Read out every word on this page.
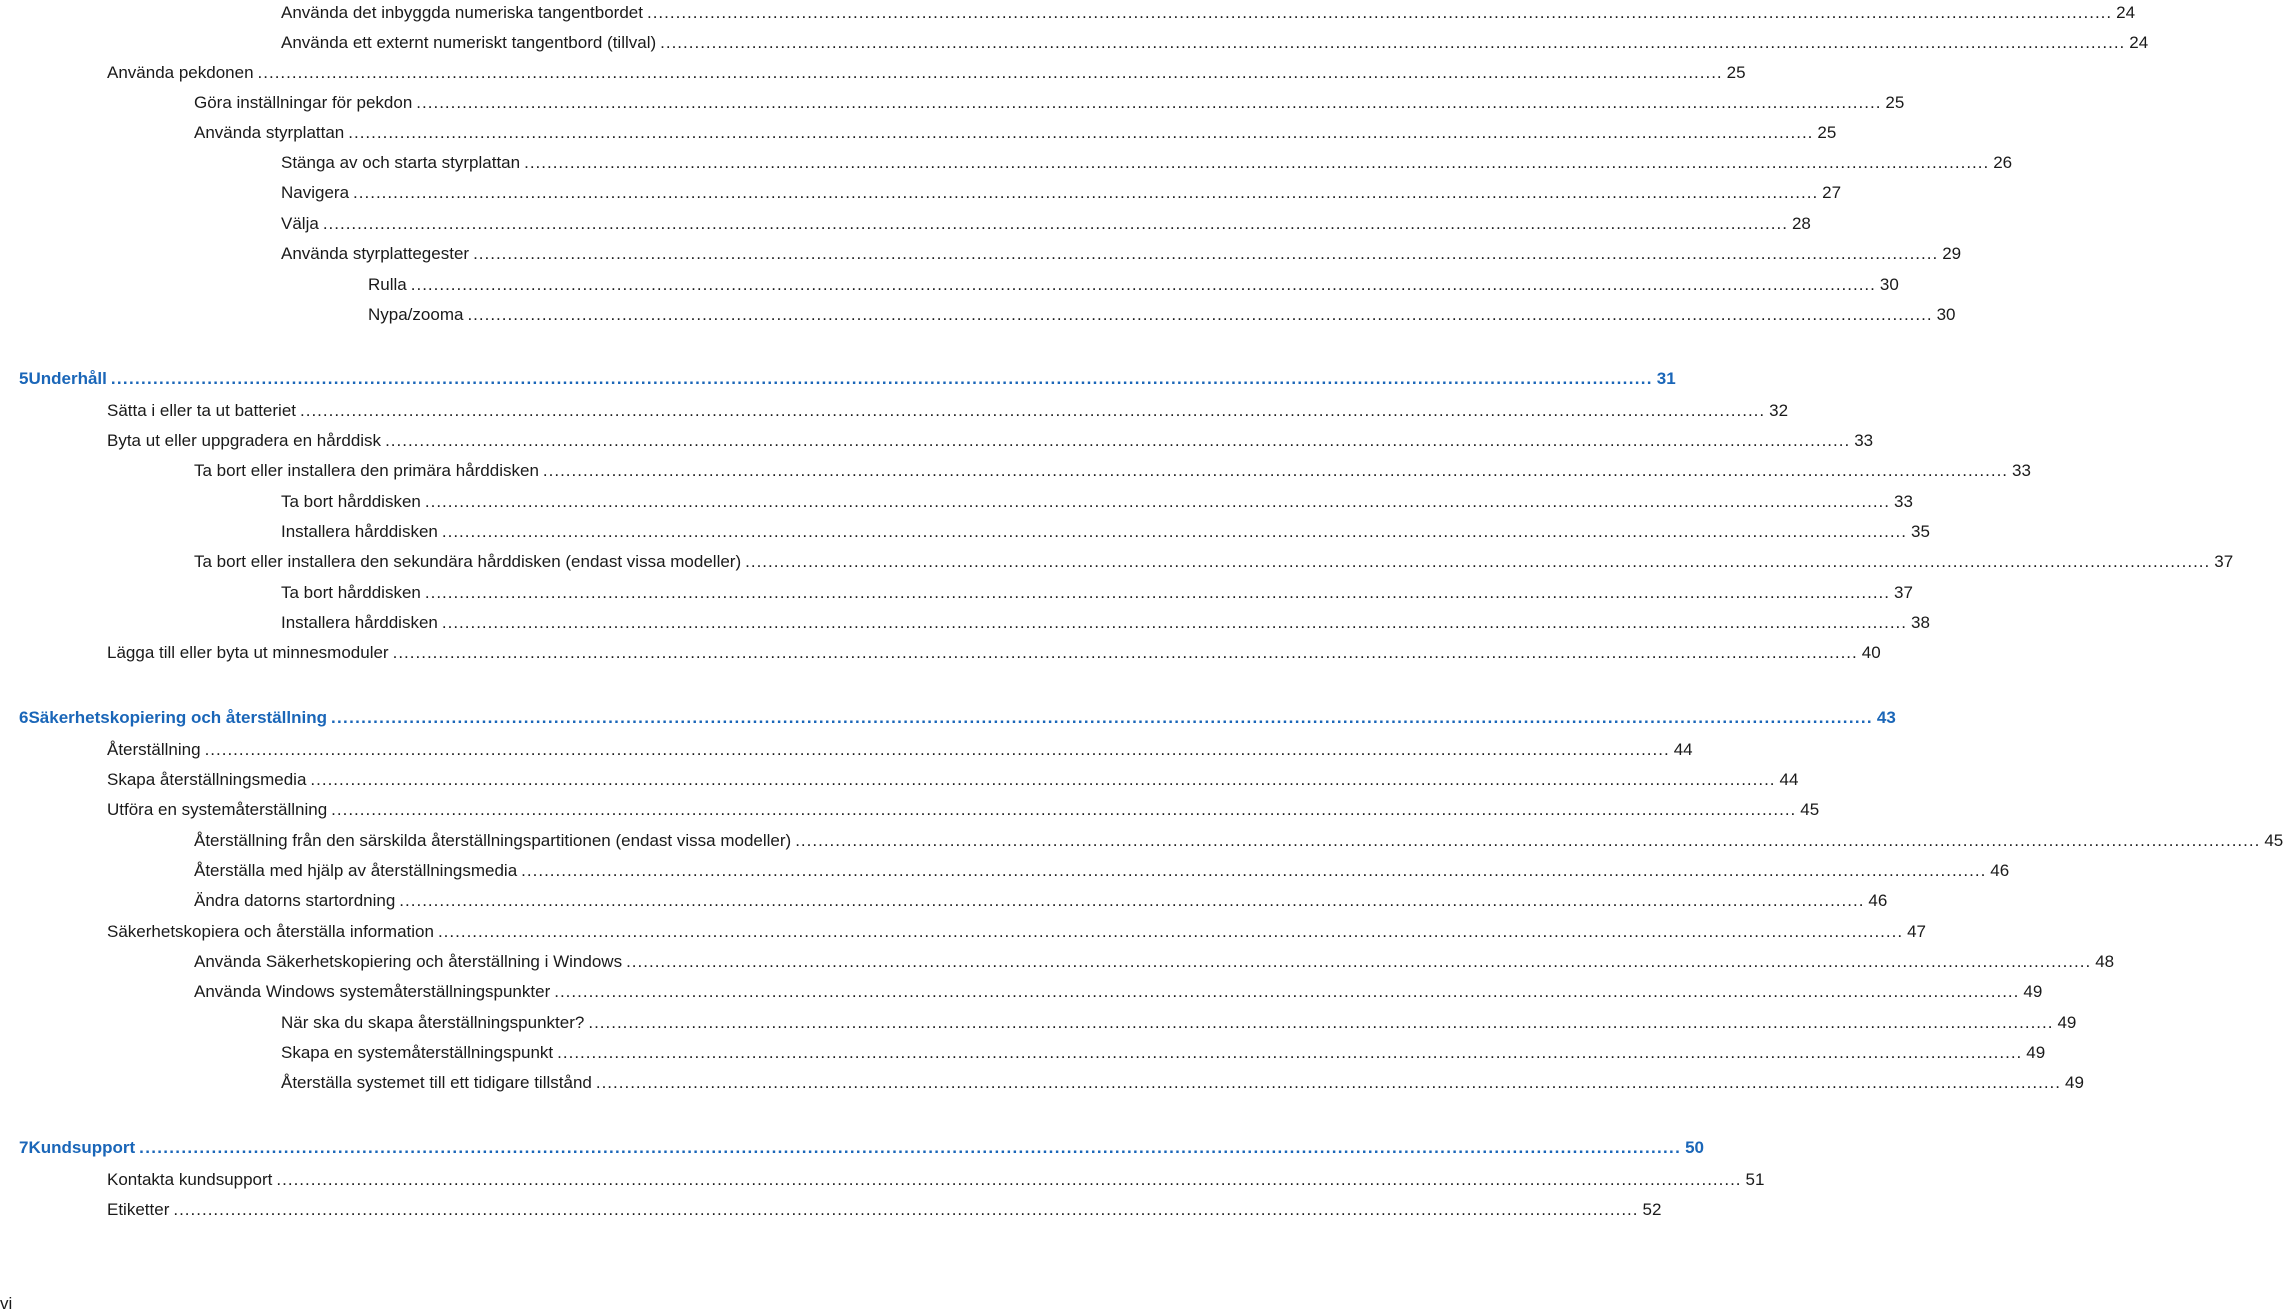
Använda det inbyggda numeriska tangentbordet .....	24
Använda ett externt numeriskt tangentbord (tillval) .....	24
Använda pekdonen .....	25
Göra inställningar för pekdon .....	25
Använda styrplattan .....	25
Stänga av och starta styrplattan .....	26
Navigera .....	27
Välja .....	28
Använda styrplattegester .....	29
Rulla .....	30
Nypa/zooma .....	30
5 Underhåll .....	31
Sätta i eller ta ut batteriet .....	32
Byta ut eller uppgradera en hårddisk .....	33
Ta bort eller installera den primära hårddisken .....	33
Ta bort hårddisken .....	33
Installera hårddisken .....	35
Ta bort eller installera den sekundära hårddisken (endast vissa modeller) .....	37
Ta bort hårddisken .....	37
Installera hårddisken .....	38
Lägga till eller byta ut minnesmoduler .....	40
6 Säkerhetskopiering och återställning .....	43
Återställning .....	44
Skapa återställningsmedia .....	44
Utföra en systemåterställning .....	45
Återställning från den särskilda återställningspartitionen (endast vissa modeller) .....	45
Återställa med hjälp av återställningsmedia .....	46
Ändra datorns startordning .....	46
Säkerhetskopiera och återställa information .....	47
Använda Säkerhetskopiering och återställning i Windows .....	48
Använda Windows systemåterställningspunkter .....	49
När ska du skapa återställningspunkter? .....	49
Skapa en systemåterställningspunkt .....	49
Återställa systemet till ett tidigare tillstånd .....	49
7 Kundsupport .....	50
Kontakta kundsupport .....	51
Etiketter .....	52
vi
